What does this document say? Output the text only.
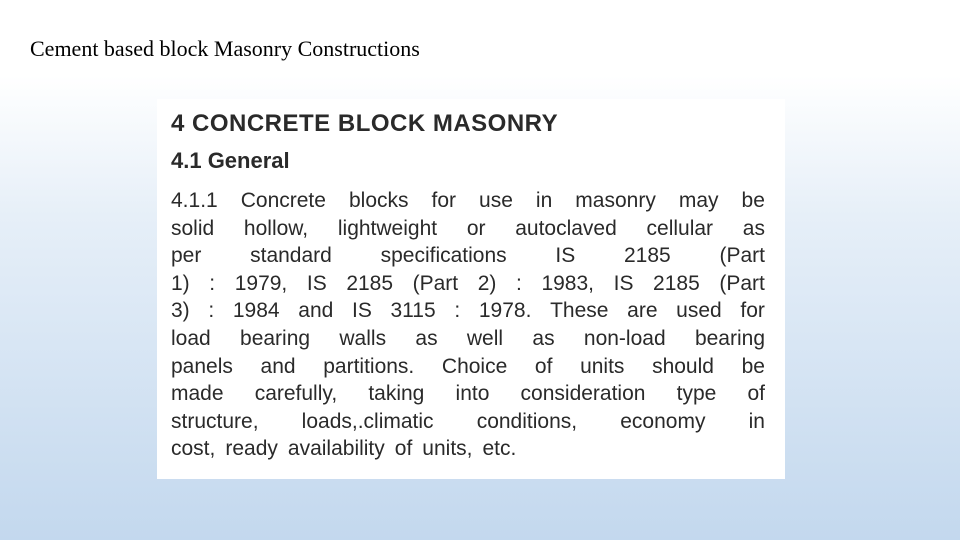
Cement based block Masonry Constructions
4 CONCRETE BLOCK MASONRY
4.1 General
4.1.1 Concrete blocks for use in masonry may be
solid hollow, lightweight or autoclaved cellular as
per standard specifications IS 2185 (Part
1) : 1979, IS 2185 (Part 2) : 1983, IS 2185 (Part
3) : 1984 and IS 3115 : 1978. These are used for
load bearing walls as well as non-load bearing
panels and partitions. Choice of units should be
made carefully, taking into consideration type of
structure, loads,.climatic conditions, economy in
cost, ready availability of units, etc.
